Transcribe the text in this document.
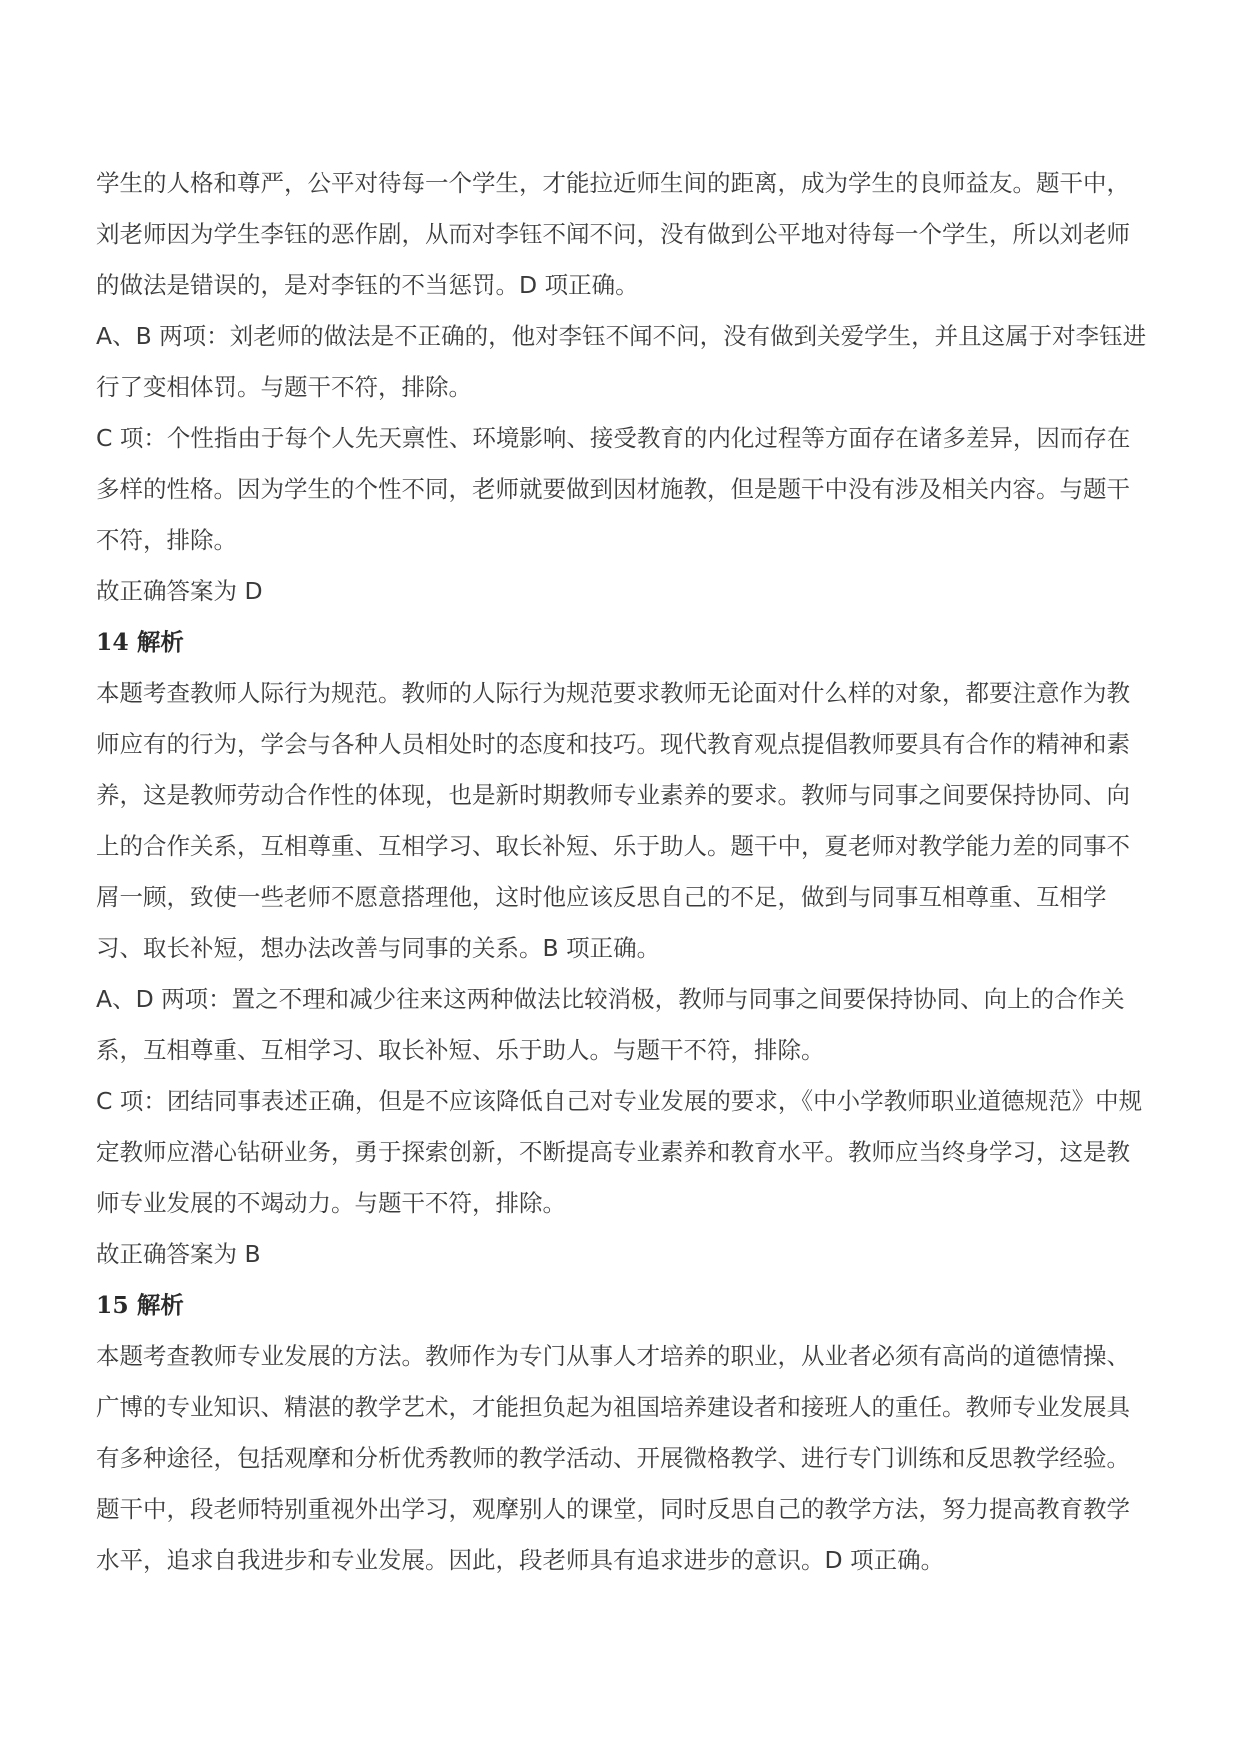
学生的人格和尊严，公平对待每一个学生，才能拉近师生间的距离，成为学生的良师益友。题干中，刘老师因为学生李钰的恶作剧，从而对李钰不闻不问，没有做到公平地对待每一个学生，所以刘老师的做法是错误的，是对李钰的不当惩罚。D 项正确。

A、B 两项：刘老师的做法是不正确的，他对李钰不闻不问，没有做到关爱学生，并且这属于对李钰进行了变相体罚。与题干不符，排除。

C 项：个性指由于每个人先天禀性、环境影响、接受教育的内化过程等方面存在诸多差异，因而存在多样的性格。因为学生的个性不同，老师就要做到因材施教，但是题干中没有涉及相关内容。与题干不符，排除。

故正确答案为 D

14 解析

本题考查教师人际行为规范。教师的人际行为规范要求教师无论面对什么样的对象，都要注意作为教师应有的行为，学会与各种人员相处时的态度和技巧。现代教育观点提倡教师要具有合作的精神和素养，这是教师劳动合作性的体现，也是新时期教师专业素养的要求。教师与同事之间要保持协同、向上的合作关系，互相尊重、互相学习、取长补短、乐于助人。题干中，夏老师对教学能力差的同事不屑一顾，致使一些老师不愿意搭理他，这时他应该反思自己的不足，做到与同事互相尊重、互相学习、取长补短，想办法改善与同事的关系。B 项正确。

A、D 两项：置之不理和减少往来这两种做法比较消极，教师与同事之间要保持协同、向上的合作关系，互相尊重、互相学习、取长补短、乐于助人。与题干不符，排除。

C 项：团结同事表述正确，但是不应该降低自己对专业发展的要求，《中小学教师职业道德规范》中规定教师应潜心钻研业务，勇于探索创新，不断提高专业素养和教育水平。教师应当终身学习，这是教师专业发展的不竭动力。与题干不符，排除。

故正确答案为 B

15 解析

本题考查教师专业发展的方法。教师作为专门从事人才培养的职业，从业者必须有高尚的道德情操、广博的专业知识、精湛的教学艺术，才能担负起为祖国培养建设者和接班人的重任。教师专业发展具有多种途径，包括观摩和分析优秀教师的教学活动、开展微格教学、进行专门训练和反思教学经验。题干中，段老师特别重视外出学习，观摩别人的课堂，同时反思自己的教学方法，努力提高教育教学水平，追求自我进步和专业发展。因此，段老师具有追求进步的意识。D 项正确。
